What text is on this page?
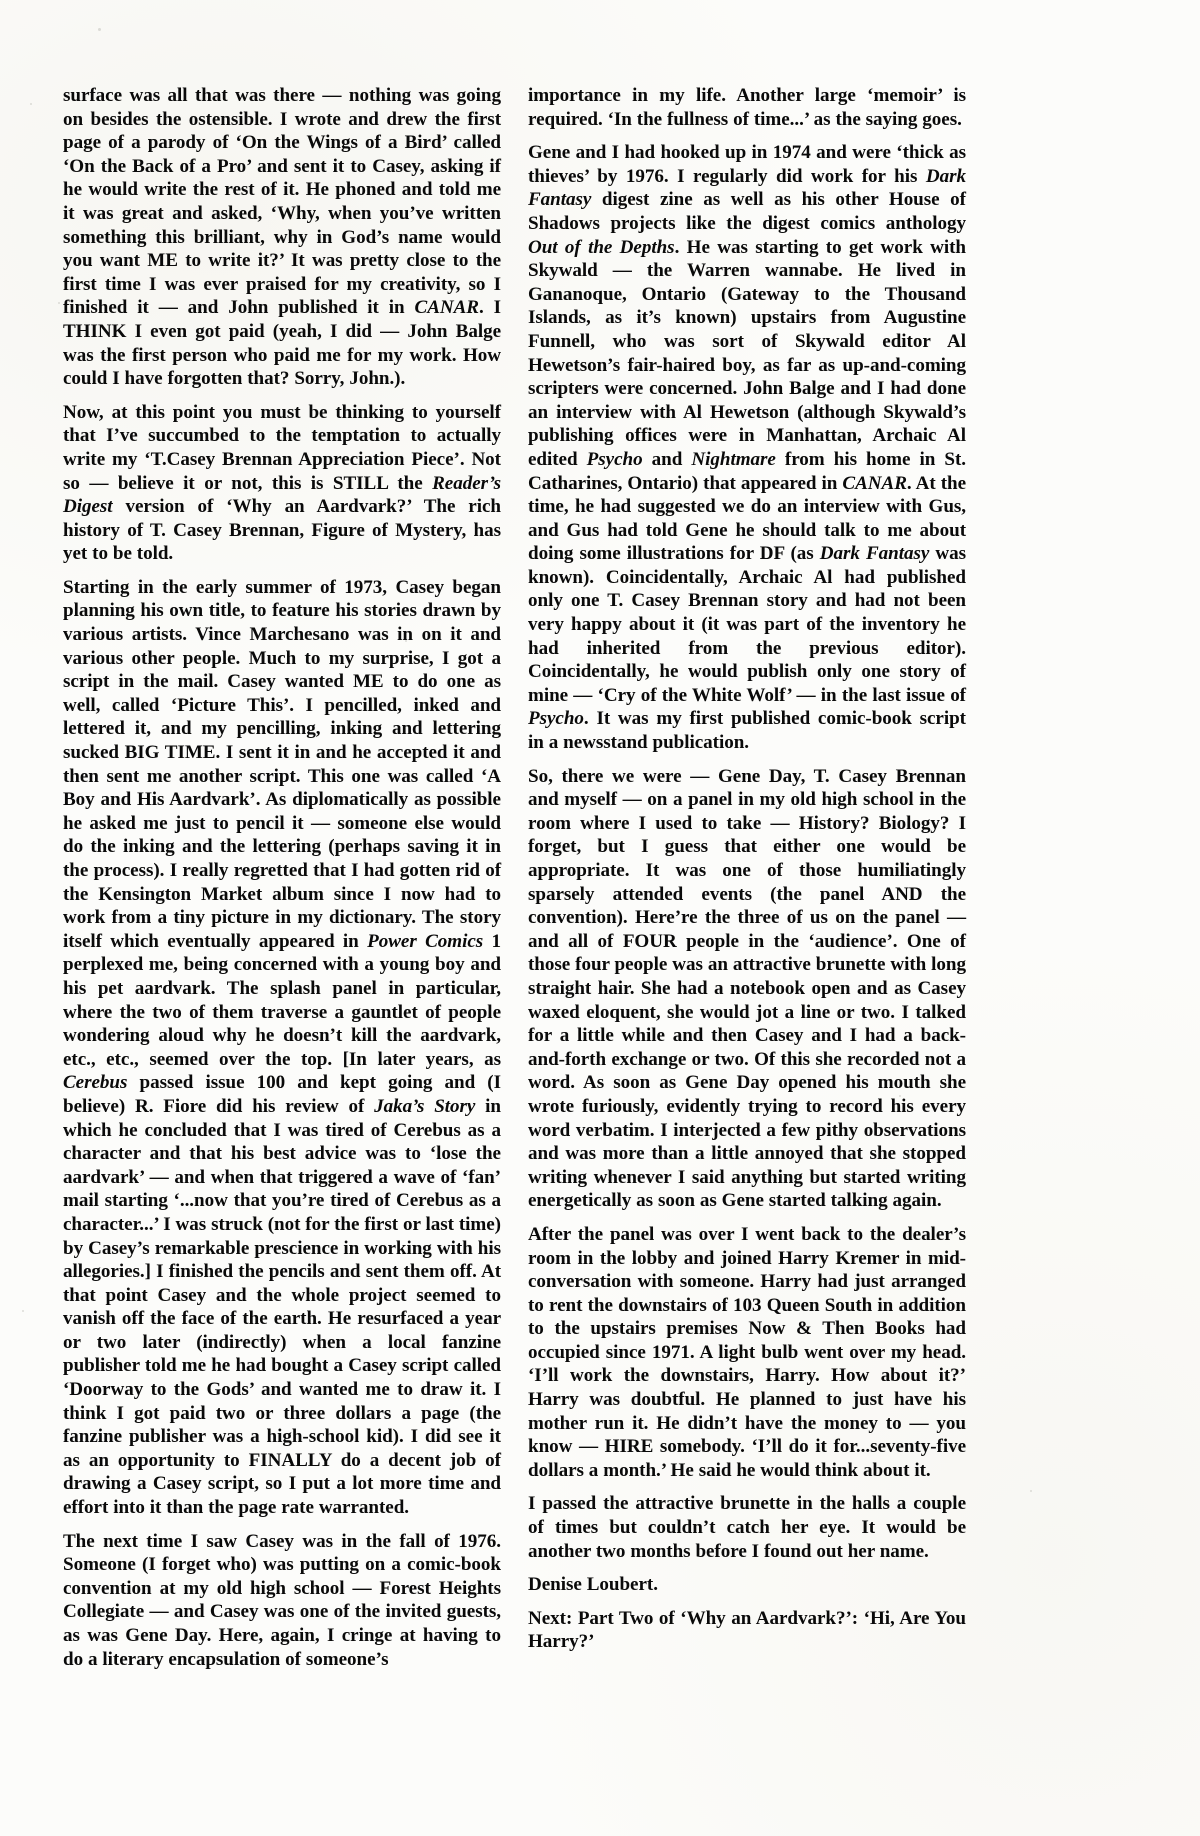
surface was all that was there — nothing was going on besides the ostensible. I wrote and drew the first page of a parody of ‘On the Wings of a Bird’ called ‘On the Back of a Pro’ and sent it to Casey, asking if he would write the rest of it. He phoned and told me it was great and asked, ‘Why, when you’ve written something this brilliant, why in God’s name would you want ME to write it?’ It was pretty close to the first time I was ever praised for my creativity, so I finished it — and John published it in CANAR. I THINK I even got paid (yeah, I did — John Balge was the first person who paid me for my work. How could I have forgotten that? Sorry, John.).

Now, at this point you must be thinking to yourself that I’ve succumbed to the temptation to actually write my ‘T.Casey Brennan Appreciation Piece’. Not so — believe it or not, this is STILL the Reader’s Digest version of ‘Why an Aardvark?’ The rich history of T. Casey Brennan, Figure of Mystery, has yet to be told.

Starting in the early summer of 1973, Casey began planning his own title, to feature his stories drawn by various artists. Vince Marchesano was in on it and various other people. Much to my surprise, I got a script in the mail. Casey wanted ME to do one as well, called ‘Picture This’. I pencilled, inked and lettered it, and my pencilling, inking and lettering sucked BIG TIME. I sent it in and he accepted it and then sent me another script. This one was called ‘A Boy and His Aardvark’. As diplomatically as possible he asked me just to pencil it — someone else would do the inking and the lettering (perhaps saving it in the process). I really regretted that I had gotten rid of the Kensington Market album since I now had to work from a tiny picture in my dictionary. The story itself which eventually appeared in Power Comics 1 perplexed me, being concerned with a young boy and his pet aardvark. The splash panel in particular, where the two of them traverse a gauntlet of people wondering aloud why he doesn’t kill the aardvark, etc., etc., seemed over the top. [In later years, as Cerebus passed issue 100 and kept going and (I believe) R. Fiore did his review of Jaka’s Story in which he concluded that I was tired of Cerebus as a character and that his best advice was to ‘lose the aardvark’ — and when that triggered a wave of ‘fan’ mail starting ‘...now that you’re tired of Cerebus as a character...’ I was struck (not for the first or last time) by Casey’s remarkable prescience in working with his allegories.] I finished the pencils and sent them off. At that point Casey and the whole project seemed to vanish off the face of the earth. He resurfaced a year or two later (indirectly) when a local fanzine publisher told me he had bought a Casey script called ‘Doorway to the Gods’ and wanted me to draw it. I think I got paid two or three dollars a page (the fanzine publisher was a high-school kid). I did see it as an opportunity to FINALLY do a decent job of drawing a Casey script, so I put a lot more time and effort into it than the page rate warranted.

The next time I saw Casey was in the fall of 1976. Someone (I forget who) was putting on a comic-book convention at my old high school — Forest Heights Collegiate — and Casey was one of the invited guests, as was Gene Day. Here, again, I cringe at having to do a literary encapsulation of someone’s

importance in my life. Another large ‘memoir’ is required. ‘In the fullness of time...’ as the saying goes.

Gene and I had hooked up in 1974 and were ‘thick as thieves’ by 1976. I regularly did work for his Dark Fantasy digest zine as well as his other House of Shadows projects like the digest comics anthology Out of the Depths. He was starting to get work with Skywald — the Warren wannabe. He lived in Gananoque, Ontario (Gateway to the Thousand Islands, as it’s known) upstairs from Augustine Funnell, who was sort of Skywald editor Al Hewetson’s fair-haired boy, as far as up-and-coming scripters were concerned. John Balge and I had done an interview with Al Hewetson (although Skywald’s publishing offices were in Manhattan, Archaic Al edited Psycho and Nightmare from his home in St. Catharines, Ontario) that appeared in CANAR. At the time, he had suggested we do an interview with Gus, and Gus had told Gene he should talk to me about doing some illustrations for DF (as Dark Fantasy was known). Coincidentally, Archaic Al had published only one T. Casey Brennan story and had not been very happy about it (it was part of the inventory he had inherited from the previous editor). Coincidentally, he would publish only one story of mine — ‘Cry of the White Wolf’ — in the last issue of Psycho. It was my first published comic-book script in a newsstand publication.

So, there we were — Gene Day, T. Casey Brennan and myself — on a panel in my old high school in the room where I used to take — History? Biology? I forget, but I guess that either one would be appropriate. It was one of those humiliatingly sparsely attended events (the panel AND the convention). Here’re the three of us on the panel — and all of FOUR people in the ‘audience’. One of those four people was an attractive brunette with long straight hair. She had a notebook open and as Casey waxed eloquent, she would jot a line or two. I talked for a little while and then Casey and I had a back-and-forth exchange or two. Of this she recorded not a word. As soon as Gene Day opened his mouth she wrote furiously, evidently trying to record his every word verbatim. I interjected a few pithy observations and was more than a little annoyed that she stopped writing whenever I said anything but started writing energetically as soon as Gene started talking again.

After the panel was over I went back to the dealer’s room in the lobby and joined Harry Kremer in mid-conversation with someone. Harry had just arranged to rent the downstairs of 103 Queen South in addition to the upstairs premises Now & Then Books had occupied since 1971. A light bulb went over my head. ‘I’ll work the downstairs, Harry. How about it?’ Harry was doubtful. He planned to just have his mother run it. He didn’t have the money to — you know — HIRE somebody. ‘I’ll do it for...seventy-five dollars a month.’ He said he would think about it.

I passed the attractive brunette in the halls a couple of times but couldn’t catch her eye. It would be another two months before I found out her name.

Denise Loubert.

Next: Part Two of ‘Why an Aardvark?’: ‘Hi, Are You Harry?’
